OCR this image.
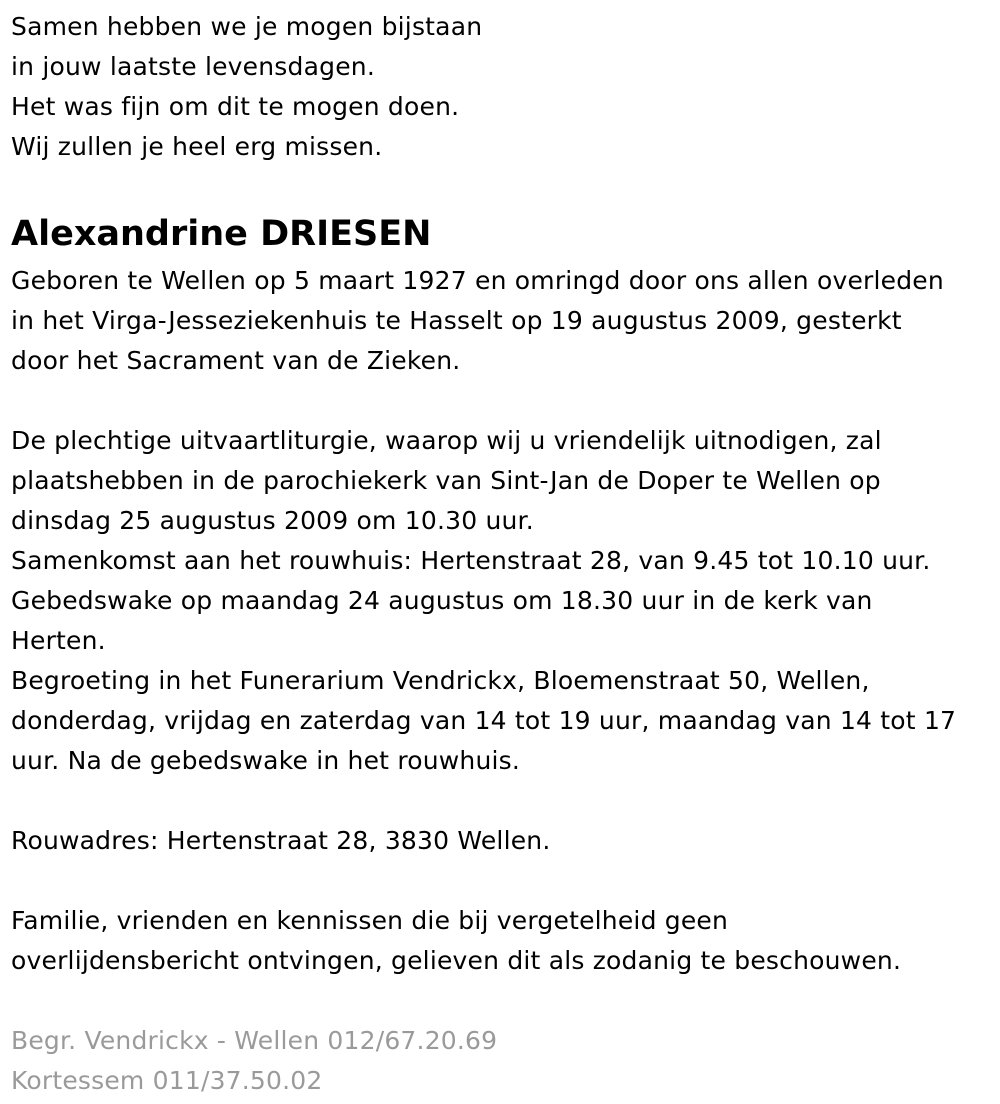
Samen hebben we je mogen bijstaan
in jouw laatste levensdagen.
Het was fijn om dit te mogen doen.
Wij zullen je heel erg missen.
Alexandrine DRIESEN
Geboren te Wellen op 5 maart 1927 en omringd door ons allen overleden
in het Virga-Jesseziekenhuis te Hasselt op 19 augustus 2009, gesterkt
door het Sacrament van de Zieken.
De plechtige uitvaartliturgie, waarop wij u vriendelijk uitnodigen, zal
plaatshebben in de parochiekerk van Sint-Jan de Doper te Wellen op
dinsdag 25 augustus 2009 om 10.30 uur.
Samenkomst aan het rouwhuis: Hertenstraat 28, van 9.45 tot 10.10 uur.
Gebedswake op maandag 24 augustus om 18.30 uur in de kerk van
Herten.
Begroeting in het Funerarium Vendrickx, Bloemenstraat 50, Wellen,
donderdag, vrijdag en zaterdag van 14 tot 19 uur, maandag van 14 tot 17
uur. Na de gebedswake in het rouwhuis.
Rouwadres: Hertenstraat 28, 3830 Wellen.
Familie, vrienden en kennissen die bij vergetelheid geen
overlijdensbericht ontvingen, gelieven dit als zodanig te beschouwen.
Begr. Vendrickx - Wellen 012/67.20.69
Kortessem 011/37.50.02
